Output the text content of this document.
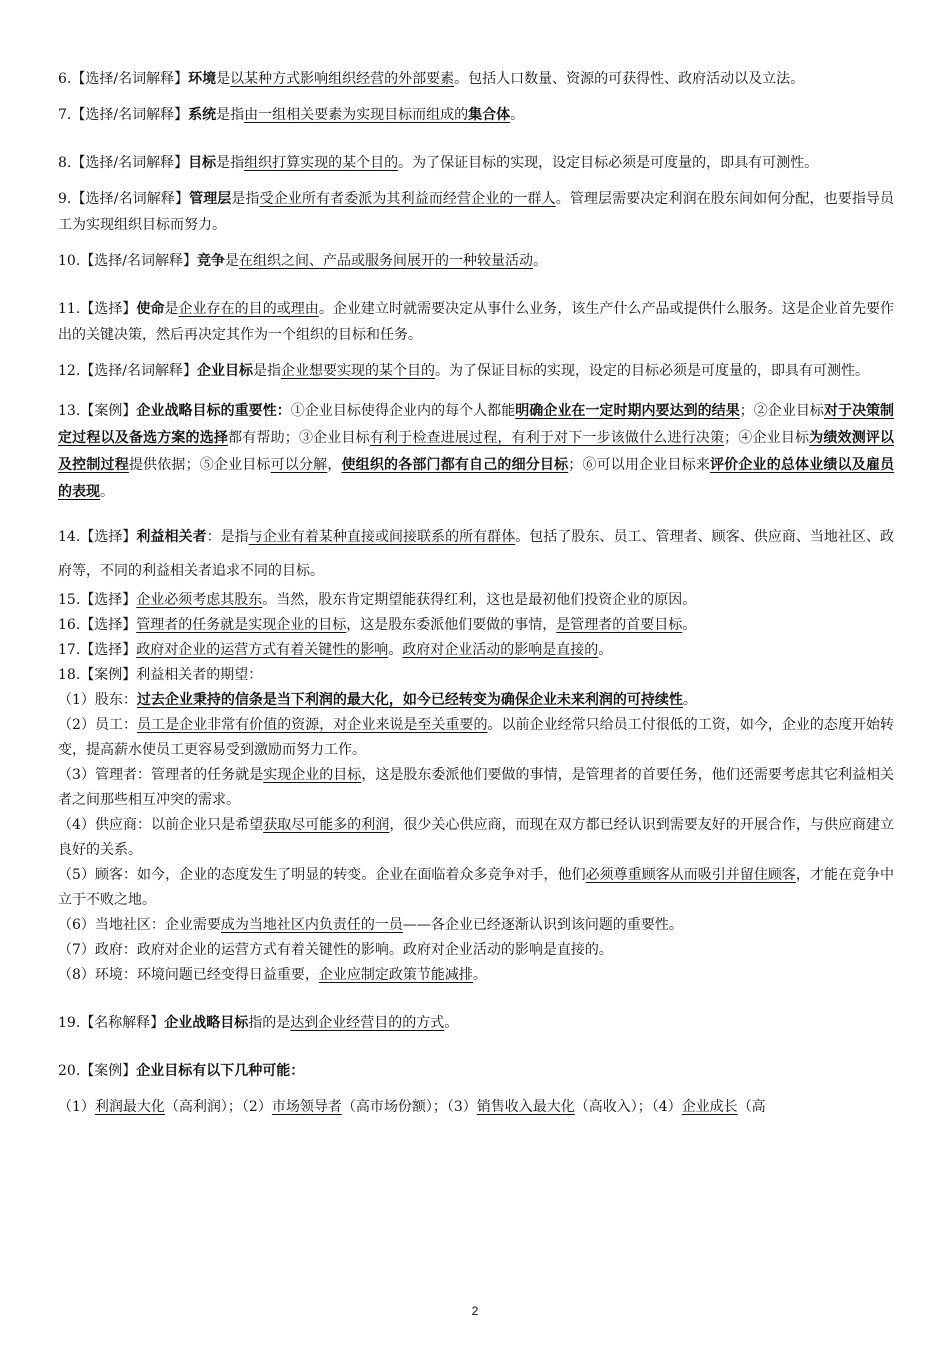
6.【选择/名词解释】环境是以某种方式影响组织经营的外部要素。包括人口数量、资源的可获得性、政府活动以及立法。

7.【选择/名词解释】系统是指由一组相关要素为实现目标而组成的集合体。

8.【选择/名词解释】目标是指组织打算实现的某个目的。为了保证目标的实现，设定目标必须是可度量的，即具有可测性。

9.【选择/名词解释】管理层是指受企业所有者委派为其利益而经营企业的一群人。管理层需要决定利润在股东间如何分配，也要指导员工为实现组织目标而努力。

10.【选择/名词解释】竞争是在组织之间、产品或服务间展开的一种较量活动。

11.【选择】使命是企业存在的目的或理由。企业建立时就需要决定从事什么业务，该生产什么产品或提供什么服务。这是企业首先要作出的关键决策，然后再决定其作为一个组织的目标和任务。

12.【选择/名词解释】企业目标是指企业想要实现的某个目的。为了保证目标的实现，设定的目标必须是可度量的，即具有可测性。

13.【案例】企业战略目标的重要性：①企业目标使得企业内的每个人都能明确企业在一定时期内要达到的结果；②企业目标对于决策制定过程以及备选方案的选择都有帮助；③企业目标有利于检查进展过程，有利于对下一步该做什么进行决策；④企业目标为绩效测评以及控制过程提供依据；⑤企业目标可以分解，使组织的各部门都有自己的细分目标；⑥可以用企业目标来评价企业的总体业绩以及雇员的表现。

14.【选择】利益相关者：是指与企业有着某种直接或间接联系的所有群体。包括了股东、员工、管理者、顾客、供应商、当地社区、政府等，不同的利益相关者追求不同的目标。

15.【选择】企业必须考虑其股东。当然，股东肯定期望能获得红利，这也是最初他们投资企业的原因。

16.【选择】管理者的任务就是实现企业的目标，这是股东委派他们要做的事情，是管理者的首要目标。

17.【选择】政府对企业的运营方式有着关键性的影响。政府对企业活动的影响是直接的。

18.【案例】利益相关者的期望：

（1）股东：过去企业秉持的信条是当下利润的最大化，如今已经转变为确保企业未来利润的可持续性。

（2）员工：员工是企业非常有价值的资源，对企业来说是至关重要的。以前企业经常只给员工付很低的工资，如今，企业的态度开始转变，提高薪水使员工更容易受到激励而努力工作。

（3）管理者：管理者的任务就是实现企业的目标，这是股东委派他们要做的事情，是管理者的首要任务，他们还需要考虑其它利益相关者之间那些相互冲突的需求。

（4）供应商：以前企业只是希望获取尽可能多的利润，很少关心供应商，而现在双方都已经认识到需要友好的开展合作，与供应商建立良好的关系。

（5）顾客：如今，企业的态度发生了明显的转变。企业在面临着众多竞争对手，他们必须尊重顾客从而吸引并留住顾客，才能在竞争中立于不败之地。

（6）当地社区：企业需要成为当地社区内负责任的一员——各企业已经逐渐认识到该问题的重要性。

（7）政府：政府对企业的运营方式有着关键性的影响。政府对企业活动的影响是直接的。

（8）环境：环境问题已经变得日益重要，企业应制定政策节能减排。

19.【名称解释】企业战略目标指的是达到企业经营目的的方式。

20.【案例】企业目标有以下几种可能：

（1）利润最大化（高利润）；（2）市场领导者（高市场份额）；（3）销售收入最大化（高收入）；（4）企业成长（高

2
